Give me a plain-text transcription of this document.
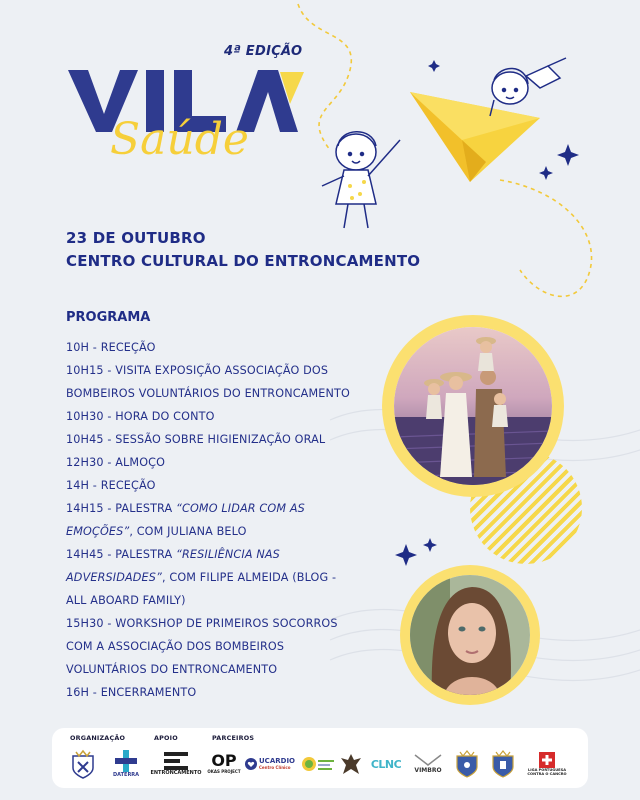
4ª EDIÇÃO
Saúde
VILA
23 DE OUTUBRO
CENTRO CULTURAL DO ENTRONCAMENTO
PROGRAMA
10H - RECEÇÃO
10H15 - VISITA EXPOSIÇÃO ASSOCIAÇÃO DOS
BOMBEIROS VOLUNTÁRIOS DO ENTRONCAMENTO
10H30 - HORA DO CONTO
10H45 - SESSÃO SOBRE HIGIENIZAÇÃO ORAL
12H30 - ALMOÇO
14H - RECEÇÃO
14H15 - PALESTRA “COMO LIDAR COM AS
EMOÇÕES”, COM JULIANA BELO
14H45 - PALESTRA “RESILIÊNCIA NAS
ADVERSIDADES”, COM FILIPE ALMEIDA (BLOG -
ALL ABOARD FAMILY)
15H30 - WORKSHOP DE PRIMEIROS SOCORROS
COM A ASSOCIAÇÃO DOS BOMBEIROS
VOLUNTÁRIOS DO ENTRONCAMENTO
16H - ENCERRAMENTO
ORGANIZAÇÃO	APOIO	PARCEIROS
DATERRA ENTRONCAMENTO
OP
OKAS PROJECT
UCARDIO
Centro Clínico	CLNC
VIMBRO	LIGA PORTUGUESA CONTRA O CANCRO
